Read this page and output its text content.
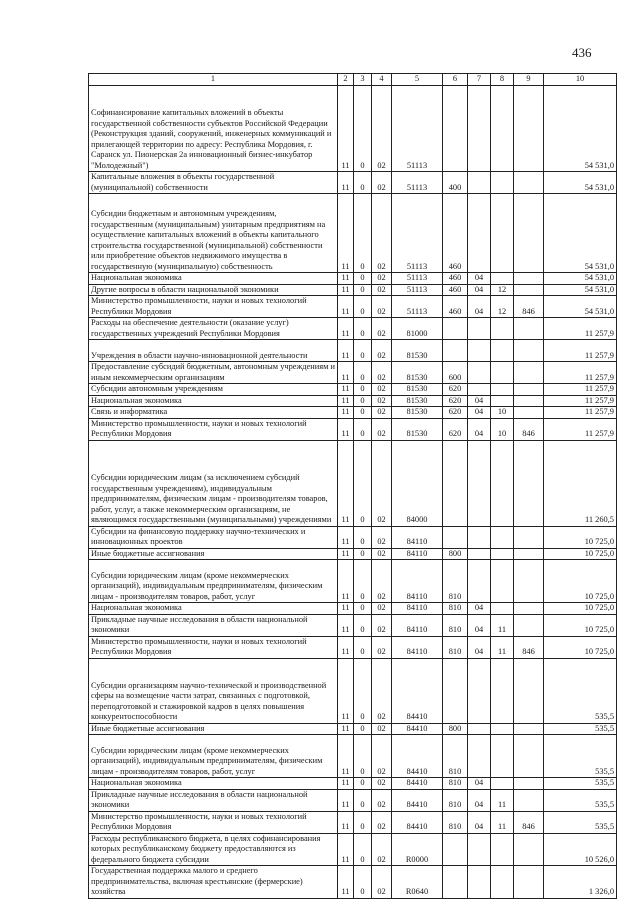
436
1	2	3	4	5	6	7	8	9	10
Софинансирование капитальных вложений в объекты государственной собственности субъектов Российской Федерации (Реконструкция зданий, сооружений, инженерных коммуникаций и прилегающей территории по адресу: Республика Мордовия, г. Саранск ул. Пионерская 2а инновационный бизнес-инкубатор "Молодежный")	11	0	02	51113					54 531,0
Капитальные вложения в объекты государственной (муниципальной) собственности	11	0	02	51113	400				54 531,0
Субсидии бюджетным и автономным учреждениям, государственным (муниципальным) унитарным предприятиям на осуществление капитальных вложений в объекты капитального строительства государственной (муниципальной) собственности или приобретение объектов недвижимого имущества в государственную (муниципальную) собственность	11	0	02	51113	460				54 531,0
Национальная экономика	11	0	02	51113	460	04			54 531,0
Другие вопросы в области национальной экономики	11	0	02	51113	460	04	12		54 531,0
Министерство промышленности, науки и новых технологий Республики Мордовия	11	0	02	51113	460	04	12	846	54 531,0
Расходы на обеспечение деятельности (оказание услуг) государственных учреждений Республики Мордовия	11	0	02	81000					11 257,9
Учреждения в области научно-инновационной деятельности	11	0	02	81530					11 257,9
Предоставление субсидий бюджетным, автономным учреждениям и иным некоммерческим организациям	11	0	02	81530	600				11 257,9
Субсидии автономным учреждениям	11	0	02	81530	620				11 257,9
Национальная экономика	11	0	02	81530	620	04			11 257,9
Связь и информатика	11	0	02	81530	620	04	10		11 257,9
Министерство промышленности, науки и новых технологий Республики Мордовия	11	0	02	81530	620	04	10	846	11 257,9
Субсидии юридическим лицам (за исключением субсидий государственным учреждениям), индивидуальным предпринимателям, физическим лицам - производителям товаров, работ, услуг, а также некоммерческим организациям, не являющимся государственными (муниципальными) учреждениями	11	0	02	84000					11 260,5
Субсидии на финансовую поддержку научно-технических и инновационных проектов	11	0	02	84110					10 725,0
Иные бюджетные ассигнования	11	0	02	84110	800				10 725,0
Субсидии юридическим лицам (кроме некоммерческих организаций), индивидуальным предпринимателям, физическим лицам - производителям товаров, работ, услуг	11	0	02	84110	810				10 725,0
Национальная экономика	11	0	02	84110	810	04			10 725,0
Прикладные научные исследования в области национальной экономики	11	0	02	84110	810	04	11		10 725,0
Министерство промышленности, науки и новых технологий Республики Мордовия	11	0	02	84110	810	04	11	846	10 725,0
Субсидии организациям научно-технической и производственной сферы на возмещение части затрат, связанных с подготовкой, переподготовкой и стажировкой кадров в целях повышения конкурентоспособности	11	0	02	84410					535,5
Иные бюджетные ассигнования	11	0	02	84410	800				535,5
Субсидии юридическим лицам (кроме некоммерческих организаций), индивидуальным предпринимателям, физическим лицам - производителям товаров, работ, услуг	11	0	02	84410	810				535,5
Национальная экономика	11	0	02	84410	810	04			535,5
Прикладные научные исследования в области национальной экономики	11	0	02	84410	810	04	11		535,5
Министерство промышленности, науки и новых технологий Республики Мордовия	11	0	02	84410	810	04	11	846	535,5
Расходы республиканского бюджета, в целях софинансирования которых республиканскому бюджету предоставляются из федерального бюджета субсидии	11	0	02	R0000					10 526,0
Государственная поддержка малого и среднего предпринимательства, включая крестьянские (фермерские) хозяйства	11	0	02	R0640					1 326,0
